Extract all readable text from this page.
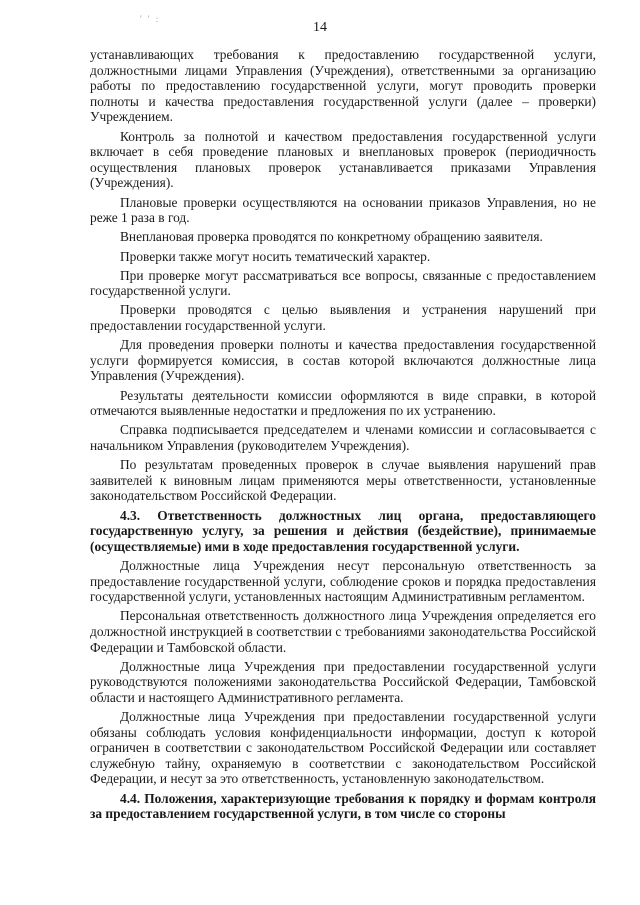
' ' :
14

устанавливающих требования к предоставлению государственной услуги, должностными лицами Управления (Учреждения), ответственными за организацию работы по предоставлению государственной услуги, могут проводить проверки полноты и качества предоставления государственной услуги (далее – проверки) Учреждением.

Контроль за полнотой и качеством предоставления государственной услуги включает в себя проведение плановых и внеплановых проверок (периодичность осуществления плановых проверок устанавливается приказами Управления (Учреждения).

Плановые проверки осуществляются на основании приказов Управления, но не реже 1 раза в год.

Внеплановая проверка проводятся по конкретному обращению заявителя.

Проверки также могут носить тематический характер.

При проверке могут рассматриваться все вопросы, связанные с предоставлением государственной услуги.

Проверки проводятся с целью выявления и устранения нарушений при предоставлении государственной услуги.

Для проведения проверки полноты и качества предоставления государственной услуги формируется комиссия, в состав которой включаются должностные лица Управления (Учреждения).

Результаты деятельности комиссии оформляются в виде справки, в которой отмечаются выявленные недостатки и предложения по их устранению.

Справка подписывается председателем и членами комиссии и согласовывается с начальником Управления (руководителем Учреждения).

По результатам проведенных проверок в случае выявления нарушений прав заявителей к виновным лицам применяются меры ответственности, установленные законодательством Российской Федерации.

4.3. Ответственность должностных лиц органа, предоставляющего государственную услугу, за решения и действия (бездействие), принимаемые (осуществляемые) ими в ходе предоставления государственной услуги.

Должностные лица Учреждения несут персональную ответственность за предоставление государственной услуги, соблюдение сроков и порядка предоставления государственной услуги, установленных настоящим Административным регламентом.

Персональная ответственность должностного лица Учреждения определяется его должностной инструкцией в соответствии с требованиями законодательства Российской Федерации и Тамбовской области.

Должностные лица Учреждения при предоставлении государственной услуги руководствуются положениями законодательства Российской Федерации, Тамбовской области и настоящего Административного регламента.

Должностные лица Учреждения при предоставлении государственной услуги обязаны соблюдать условия конфиденциальности информации, доступ к которой ограничен в соответствии с законодательством Российской Федерации или составляет служебную тайну, охраняемую в соответствии с законодательством Российской Федерации, и несут за это ответственность, установленную законодательством.

4.4. Положения, характеризующие требования к порядку и формам контроля за предоставлением государственной услуги, в том числе со стороны
